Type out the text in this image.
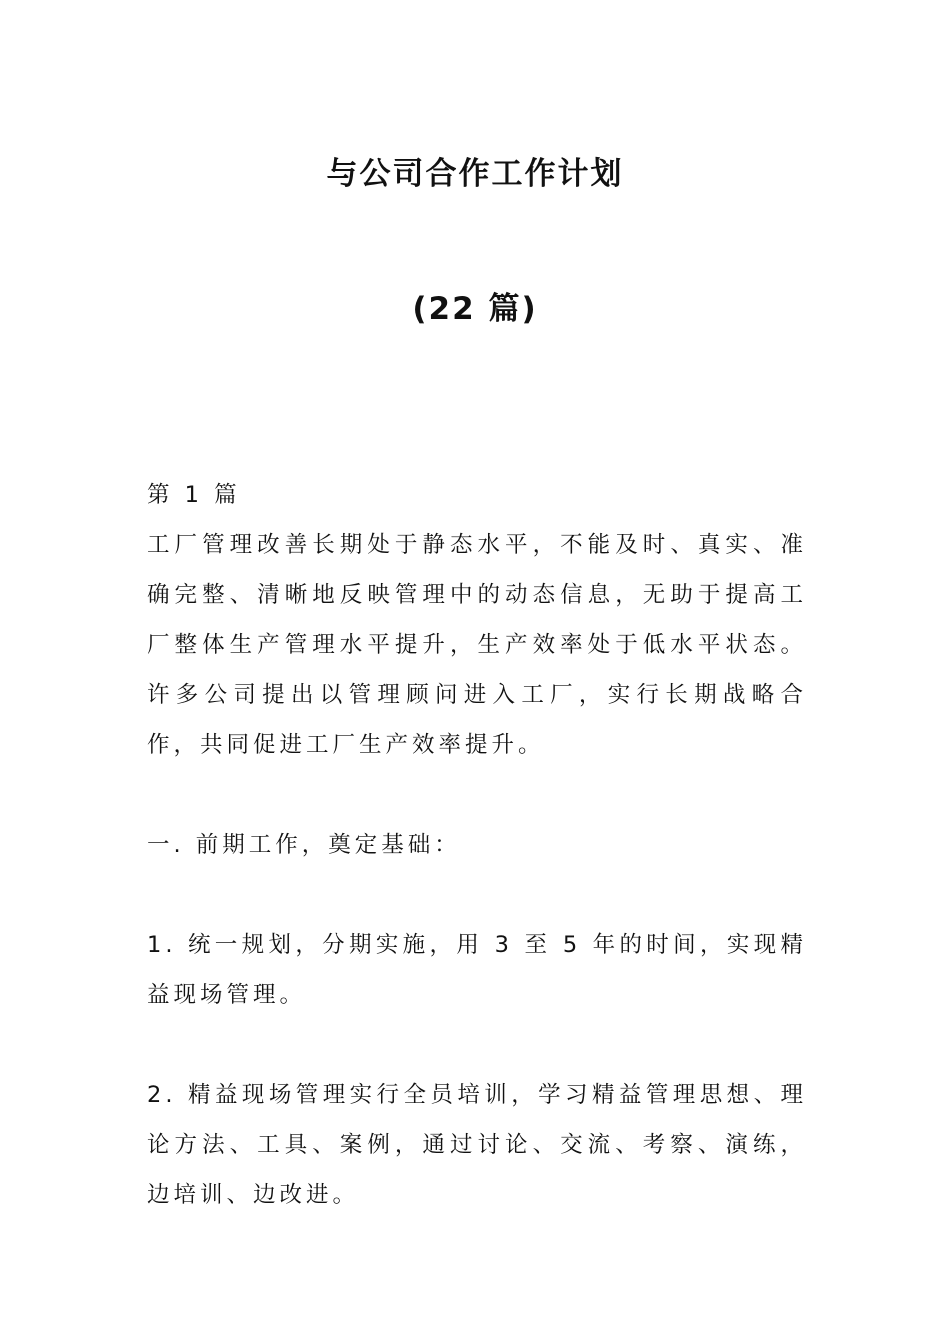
与公司合作工作计划
(22 篇)

第 1 篇

工厂管理改善长期处于静态水平，不能及时、真实、准确完整、清晰地反映管理中的动态信息，无助于提高工厂整体生产管理水平提升，生产效率处于低水平状态。许多公司提出以管理顾问进入工厂，实行长期战略合作，共同促进工厂生产效率提升。

一. 前期工作，奠定基础：

1. 统一规划，分期实施，用 3 至 5 年的时间，实现精益现场管理。

2. 精益现场管理实行全员培训，学习精益管理思想、理论方法、工具、案例，通过讨论、交流、考察、演练，边培训、边改进。
